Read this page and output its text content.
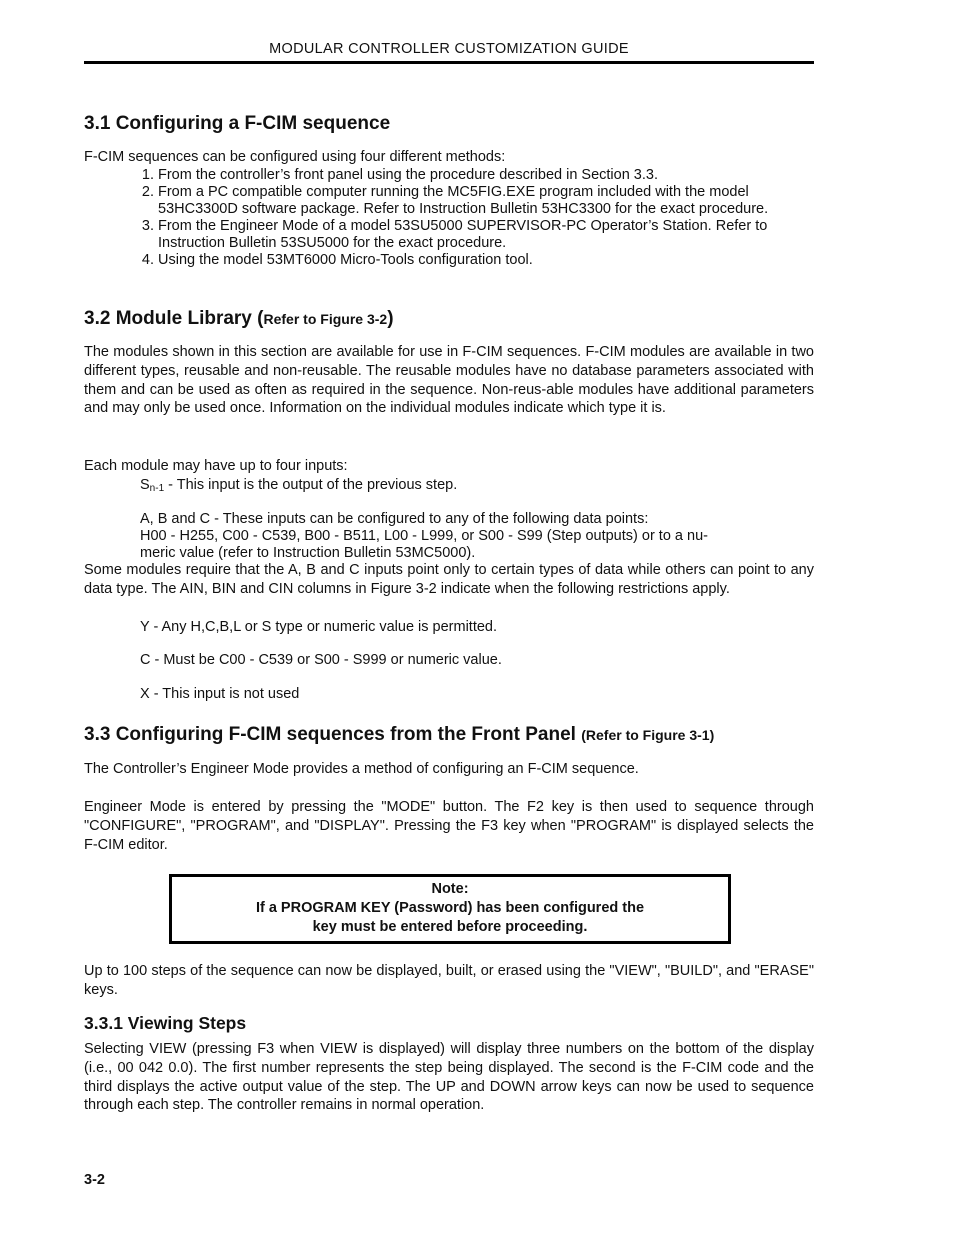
MODULAR CONTROLLER CUSTOMIZATION GUIDE
3.1 Configuring a F-CIM sequence

F-CIM sequences can be configured using four different methods:

1. From the controller’s front panel using the procedure described in Section 3.3.
2. From a PC compatible computer running the MC5FIG.EXE program included with the model 53HC3300D software package. Refer to Instruction Bulletin 53HC3300 for the exact procedure.
3. From the Engineer Mode of a model 53SU5000 SUPERVISOR-PC Operator’s Station. Refer to Instruction Bulletin 53SU5000 for the exact procedure.
4. Using the model 53MT6000 Micro-Tools configuration tool.
3.2 Module Library (Refer to Figure 3-2)

The modules shown in this section are available for use in F-CIM sequences. F-CIM modules are available in two different types, reusable and non-reusable. The reusable modules have no database parameters associated with them and can be used as often as required in the sequence. Non-reus-able modules have additional parameters and may only be used once. Information on the individual modules indicate which type it is.

Each module may have up to four inputs:

$S_{n-1}$ - This input is the output of the previous step.
A, B and C - These inputs can be configured to any of the following data points:
H00 - H255, C00 - C539, B00 - B511, L00 - L999, or S00 - S99 (Step outputs) or to a nu-
meric value (refer to Instruction Bulletin 53MC5000).

Some modules require that the A, B and C inputs point only to certain types of data while others can point to any data type. The AIN, BIN and CIN columns in Figure 3-2 indicate when the following restrictions apply.

Y - Any H,C,B,L or S type or numeric value is permitted.
C - Must be C00 - C539 or S00 - S999 or numeric value.
X - This input is not used
3.3 Configuring F-CIM sequences from the Front Panel (Refer to Figure 3-1)

The Controller’s Engineer Mode provides a method of configuring an F-CIM sequence.

Engineer Mode is entered by pressing the "MODE" button. The F2 key is then used to sequence through "CONFIGURE", "PROGRAM", and "DISPLAY". Pressing the F3 key when "PROGRAM" is displayed selects the F-CIM editor.

Note:
If a PROGRAM KEY (Password) has been configured the
key must be entered before proceeding.

Up to 100 steps of the sequence can now be displayed, built, or erased using the "VIEW", "BUILD", and "ERASE" keys.

3.3.1 Viewing Steps

Selecting VIEW (pressing F3 when VIEW is displayed) will display three numbers on the bottom of the display (i.e., 00 042 0.0). The first number represents the step being displayed. The second is the F-CIM code and the third displays the active output value of the step. The UP and DOWN arrow keys can now be used to sequence through each step. The controller remains in normal operation.

3-2
